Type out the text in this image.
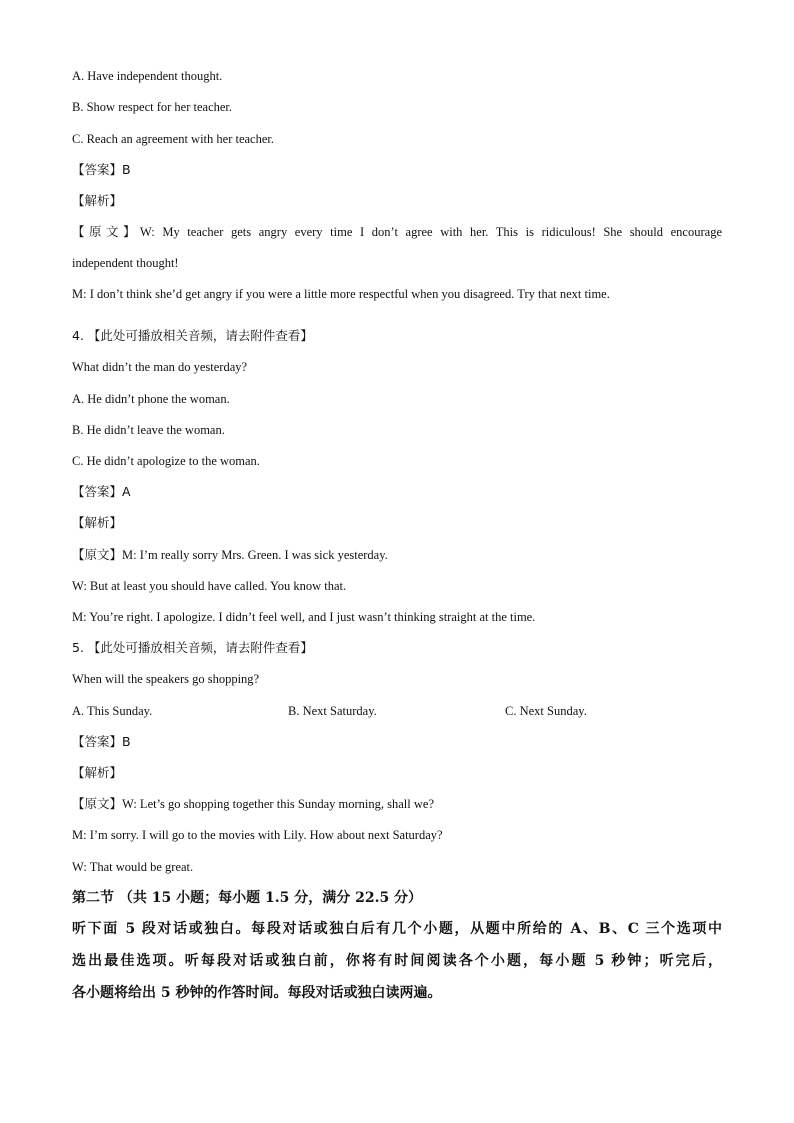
A. Have independent thought.
B. Show respect for her teacher.
C. Reach an agreement with her teacher.
【答案】B
【解析】
【原文】W: My teacher gets angry every time I don’t agree with her. This is ridiculous! She should encourage
independent thought!
M: I don’t think she’d get angry if you were a little more respectful when you disagreed. Try that next time.
4. 【此处可播放相关音频，请去附件查看】
What didn’t the man do yesterday?
A. He didn’t phone the woman.
B. He didn’t leave the woman.
C. He didn’t apologize to the woman.
【答案】A
【解析】
【原文】M: I’m really sorry Mrs. Green. I was sick yesterday.
W: But at least you should have called. You know that.
M: You’re right. I apologize. I didn’t feel well, and I just wasn’t thinking straight at the time.
5. 【此处可播放相关音频，请去附件查看】
When will the speakers go shopping?
A. This Sunday.	B. Next Saturday.	C. Next Sunday.
【答案】B
【解析】
【原文】W: Let’s go shopping together this Sunday morning, shall we?
M: I’m sorry. I will go to the movies with Lily. How about next Saturday?
W: That would be great.
第二节 （共 15 小题；每小题 1.5 分，满分 22.5 分）
听下面 5 段对话或独白。每段对话或独白后有几个小题，从题中所给的 A、B、C 三个选项中
选出最佳选项。听每段对话或独白前，你将有时间阅读各个小题，每小题 5 秒钟；听完后，
各小题将给出 5 秒钟的作答时间。每段对话或独白读两遍。
